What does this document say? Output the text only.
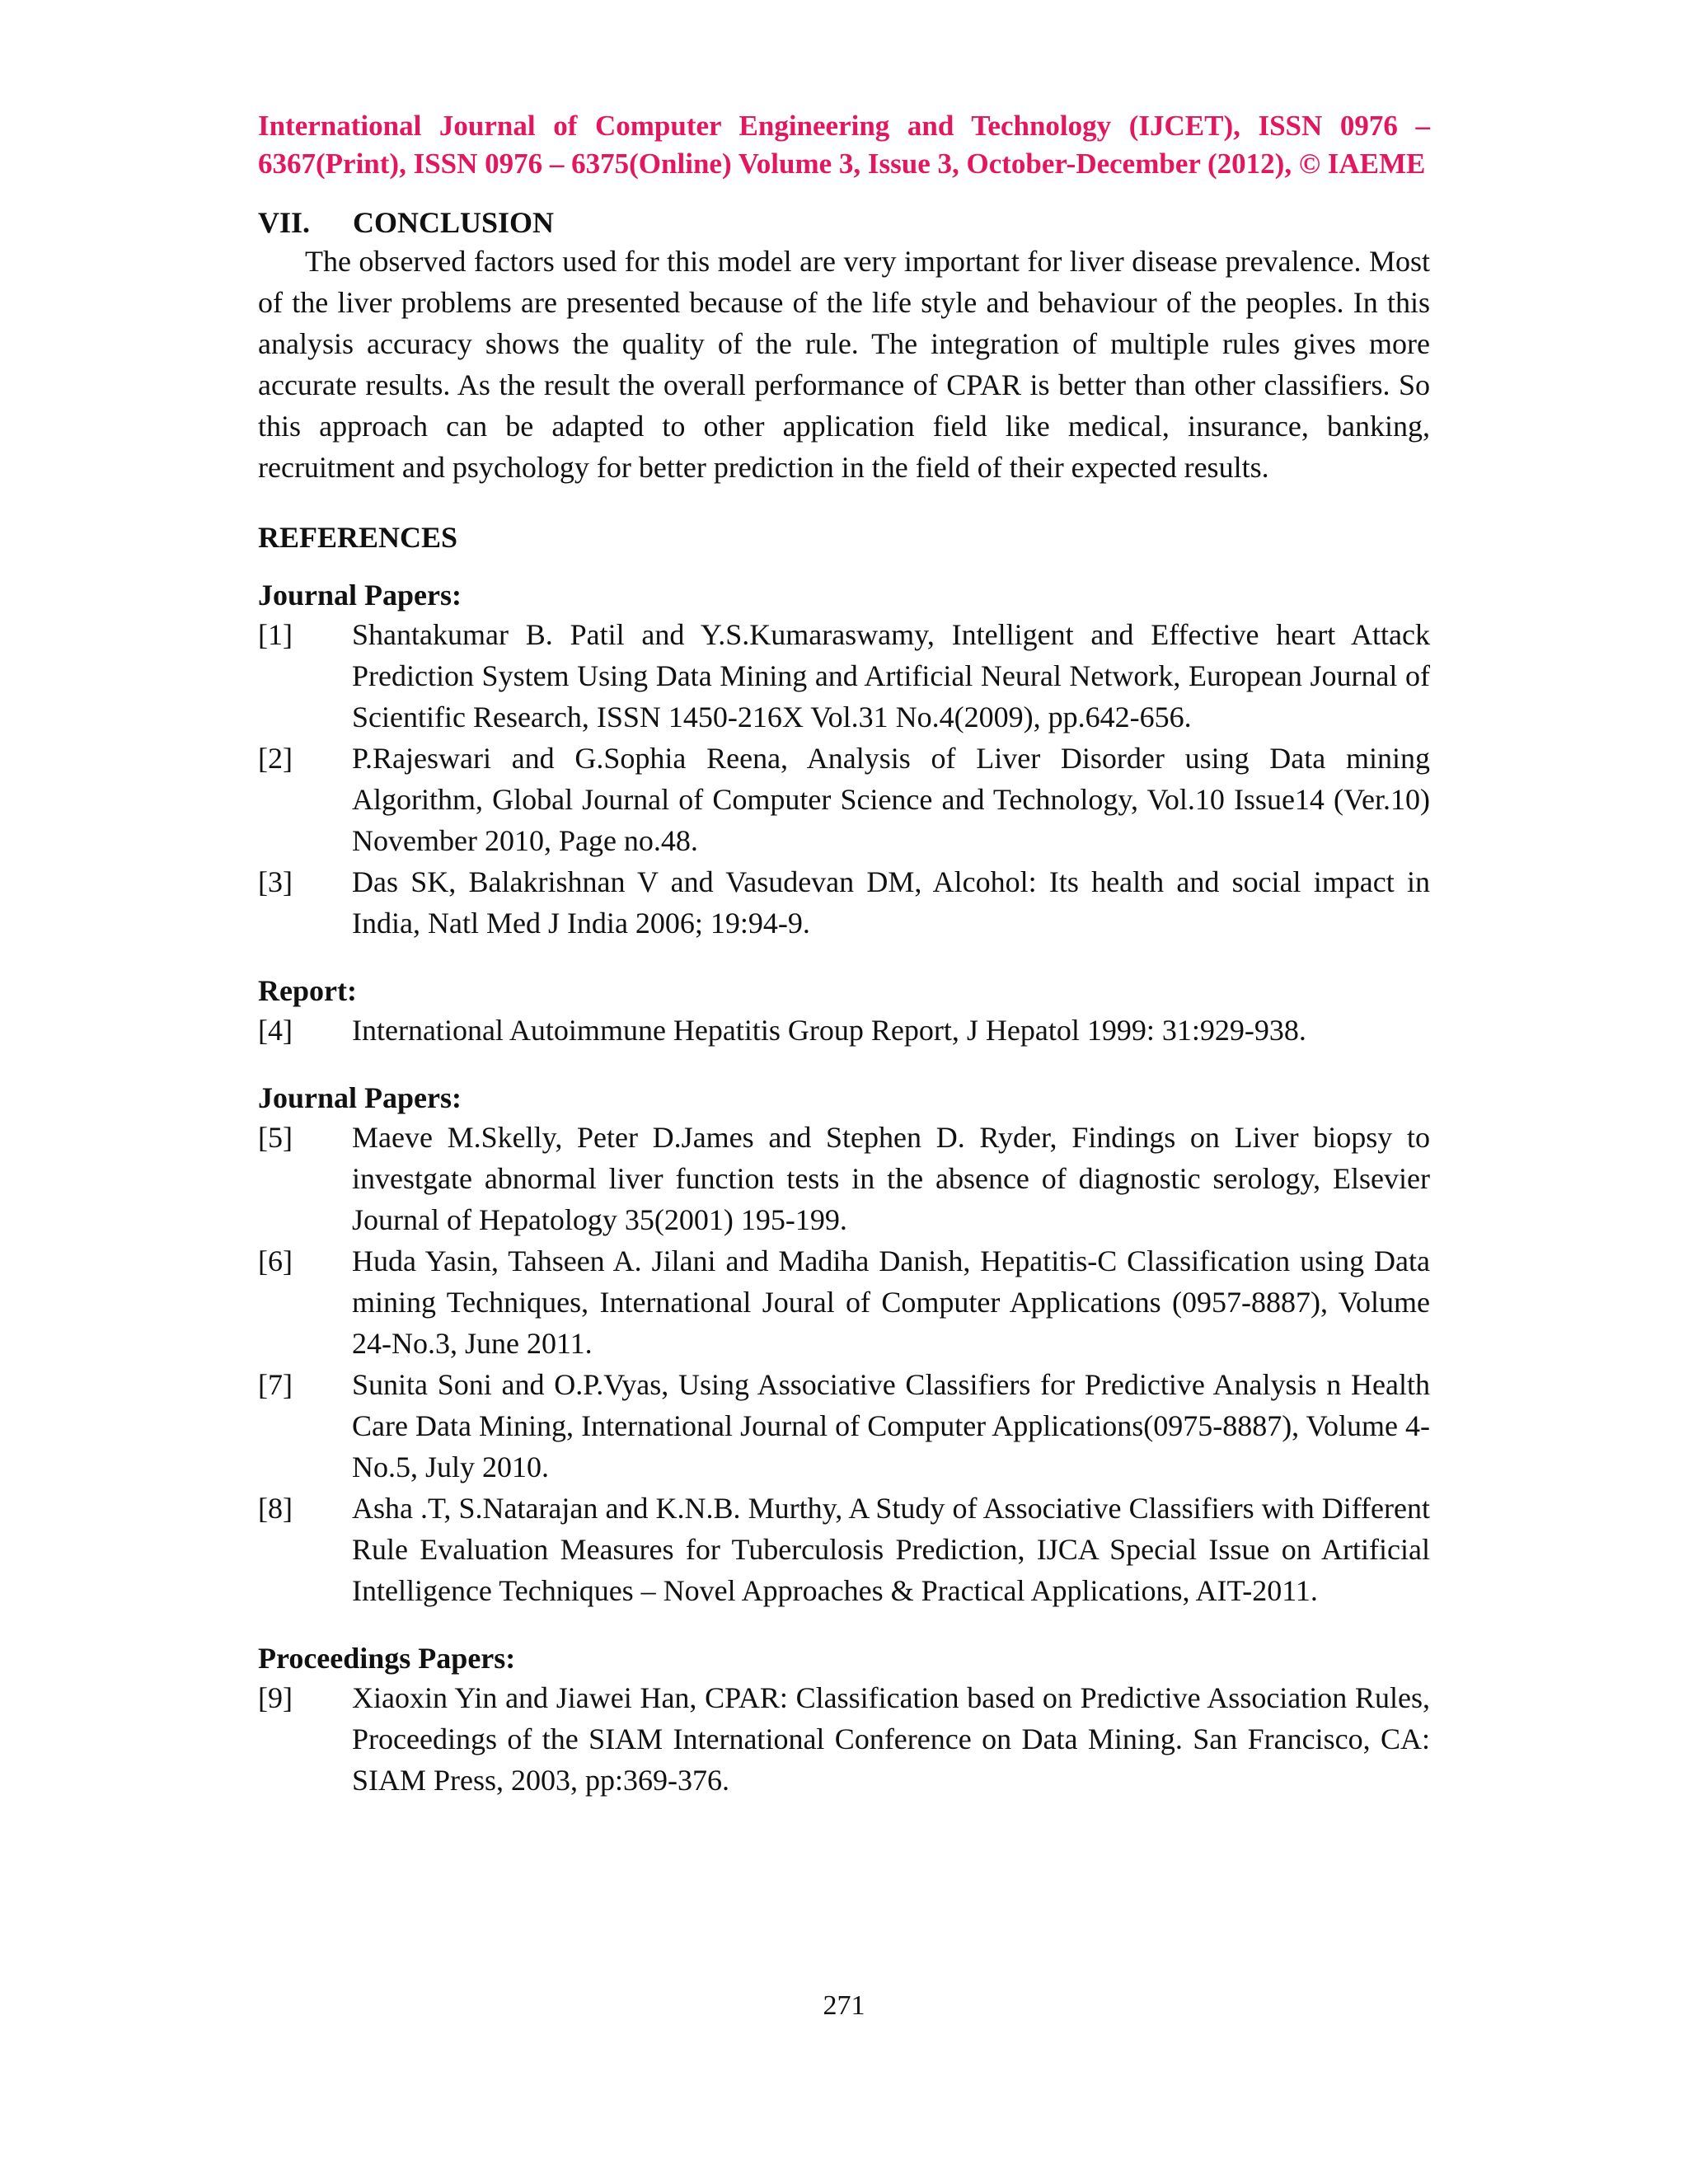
International Journal of Computer Engineering and Technology (IJCET), ISSN 0976 – 6367(Print), ISSN 0976 – 6375(Online) Volume 3, Issue 3, October-December (2012), © IAEME
VII. CONCLUSION

The observed factors used for this model are very important for liver disease prevalence. Most of the liver problems are presented because of the life style and behaviour of the peoples. In this analysis accuracy shows the quality of the rule. The integration of multiple rules gives more accurate results. As the result the overall performance of CPAR is better than other classifiers. So this approach can be adapted to other application field like medical, insurance, banking, recruitment and psychology for better prediction in the field of their expected results.

REFERENCES
Journal Papers:
[1]	Shantakumar B. Patil and Y.S.Kumaraswamy, Intelligent and Effective heart Attack Prediction System Using Data Mining and Artificial Neural Network, European Journal of Scientific Research, ISSN 1450-216X Vol.31 No.4(2009), pp.642-656.
[2]	P.Rajeswari and G.Sophia Reena, Analysis of Liver Disorder using Data mining Algorithm, Global Journal of Computer Science and Technology, Vol.10 Issue14 (Ver.10) November 2010, Page no.48.
[3]	Das SK, Balakrishnan V and Vasudevan DM, Alcohol: Its health and social impact in India, Natl Med J India 2006; 19:94-9.
Report:
[4]	International Autoimmune Hepatitis Group Report, J Hepatol 1999: 31:929-938.
Journal Papers:
[5]	Maeve M.Skelly, Peter D.James and Stephen D. Ryder, Findings on Liver biopsy to investgate abnormal liver function tests in the absence of diagnostic serology, Elsevier Journal of Hepatology 35(2001) 195-199.
[6]	Huda Yasin, Tahseen A. Jilani and Madiha Danish, Hepatitis-C Classification using Data mining Techniques, International Joural of Computer Applications (0957-8887), Volume 24-No.3, June 2011.
[7]	Sunita Soni and O.P.Vyas, Using Associative Classifiers for Predictive Analysis n Health Care Data Mining, International Journal of Computer Applications(0975-8887), Volume 4- No.5, July 2010.
[8]	Asha .T, S.Natarajan and K.N.B. Murthy, A Study of Associative Classifiers with Different Rule Evaluation Measures for Tuberculosis Prediction, IJCA Special Issue on Artificial Intelligence Techniques – Novel Approaches & Practical Applications, AIT-2011.
Proceedings Papers:
[9]	Xiaoxin Yin and Jiawei Han, CPAR: Classification based on Predictive Association Rules, Proceedings of the SIAM International Conference on Data Mining. San Francisco, CA: SIAM Press, 2003, pp:369-376.
271
